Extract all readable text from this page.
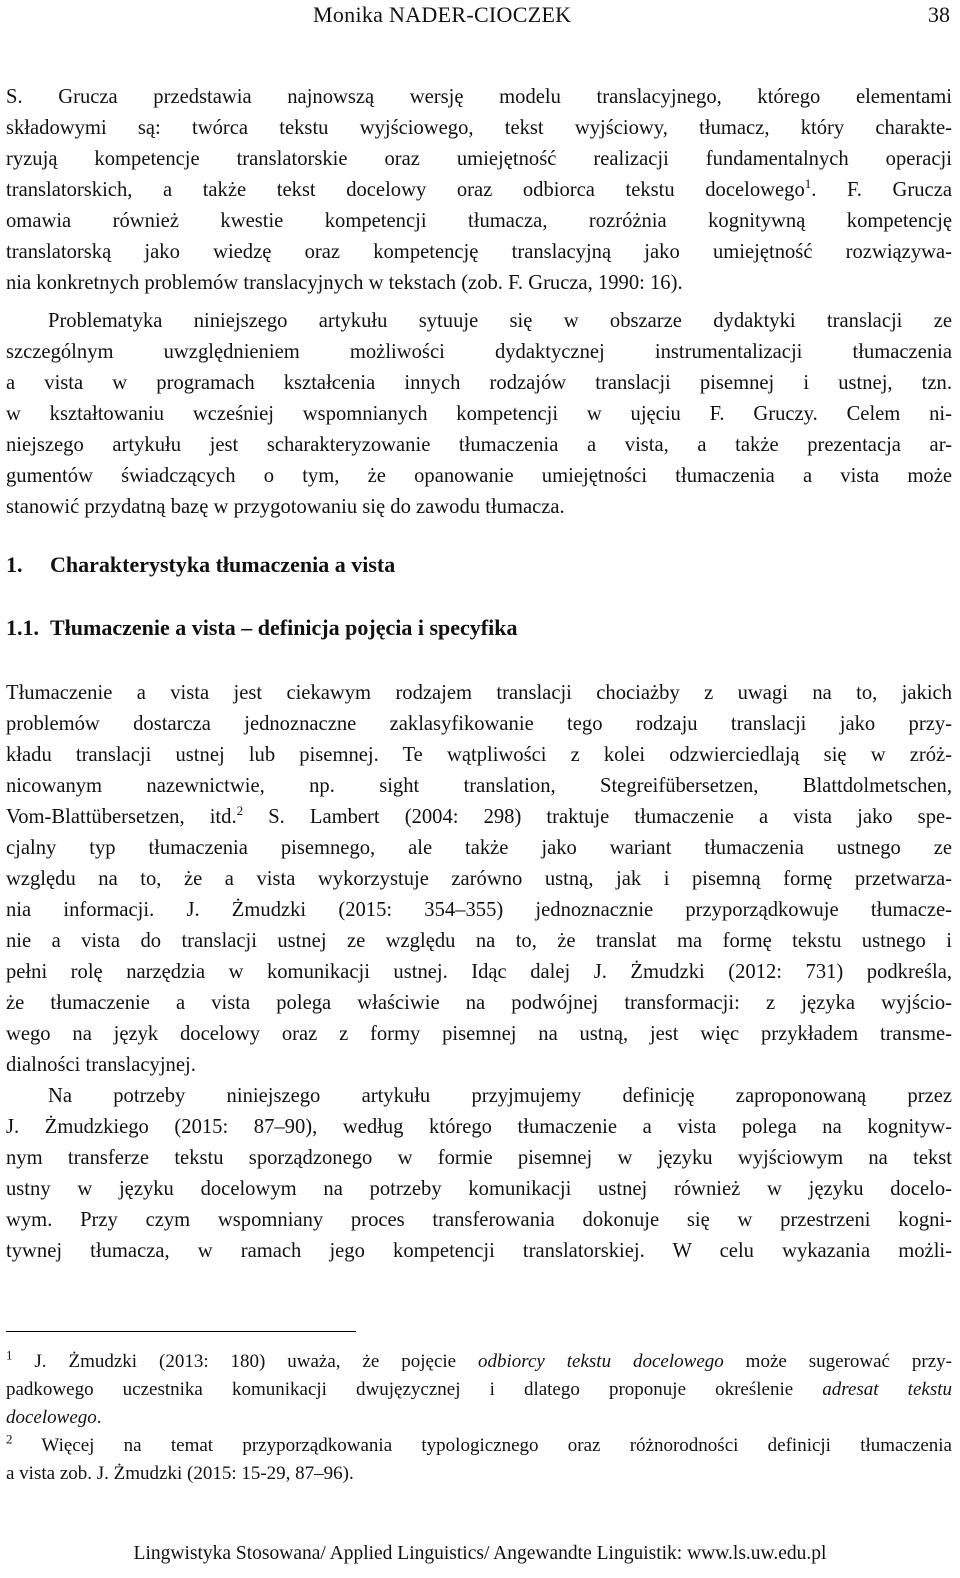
Monika NADER-CIOCZEK	38
S. Grucza przedstawia najnowszą wersję modelu translacyjnego, którego elementami
składowymi są: twórca tekstu wyjściowego, tekst wyjściowy, tłumacz, który charakte-
ryzują kompetencje translatorskie oraz umiejętność realizacji fundamentalnych operacji
translatorskich, a także tekst docelowy oraz odbiorca tekstu docelowego$^1$. F. Grucza
omawia również kwestie kompetencji tłumacza, rozróżnia kognitywną kompetencję
translatorską jako wiedzę oraz kompetencję translacyjną jako umiejętność rozwiązywa-
nia konkretnych problemów translacyjnych w tekstach (zob. F. Grucza, 1990: 16).
Problematyka niniejszego artykułu sytuuje się w obszarze dydaktyki translacji ze
szczególnym uwzględnieniem możliwości dydaktycznej instrumentalizacji tłumaczenia
a vista w programach kształcenia innych rodzajów translacji pisemnej i ustnej, tzn.
w kształtowaniu wcześniej wspomnianych kompetencji w ujęciu F. Gruczy. Celem ni-
niejszego artykułu jest scharakteryzowanie tłumaczenia a vista, a także prezentacja ar-
gumentów świadczących o tym, że opanowanie umiejętności tłumaczenia a vista może
stanowić przydatną bazę w przygotowaniu się do zawodu tłumacza.
1. Charakterystyka tłumaczenia a vista
1.1. Tłumaczenie a vista – definicja pojęcia i specyfika
Tłumaczenie a vista jest ciekawym rodzajem translacji chociażby z uwagi na to, jakich
problemów dostarcza jednoznaczne zaklasyfikowanie tego rodzaju translacji jako przy-
kładu translacji ustnej lub pisemnej. Te wątpliwości z kolei odzwierciedlają się w zróż-
nicowanym nazewnictwie, np. sight translation, Stegreifübersetzen, Blattdolmetschen,
Vom-Blattübersetzen, itd.$^2$ S. Lambert (2004: 298) traktuje tłumaczenie a vista jako spe-
cjalny typ tłumaczenia pisemnego, ale także jako wariant tłumaczenia ustnego ze
względu na to, że a vista wykorzystuje zarówno ustną, jak i pisemną formę przetwarza-
nia informacji. J. Żmudzki (2015: 354–355) jednoznacznie przyporządkowuje tłumacze-
nie a vista do translacji ustnej ze względu na to, że translat ma formę tekstu ustnego i
pełni rolę narzędzia w komunikacji ustnej. Idąc dalej J. Żmudzki (2012: 731) podkreśla,
że tłumaczenie a vista polega właściwie na podwójnej transformacji: z języka wyjścio-
wego na język docelowy oraz z formy pisemnej na ustną, jest więc przykładem transme-
dialności translacyjnej.
Na potrzeby niniejszego artykułu przyjmujemy definicję zaproponowaną przez
J. Żmudzkiego (2015: 87–90), według którego tłumaczenie a vista polega na kognityw-
nym transferze tekstu sporządzonego w formie pisemnej w języku wyjściowym na tekst
ustny w języku docelowym na potrzeby komunikacji ustnej również w języku docelo-
wym. Przy czym wspomniany proces transferowania dokonuje się w przestrzeni kogni-
tywnej tłumacza, w ramach jego kompetencji translatorskiej. W celu wykazania możli-
$^1$ J. Żmudzki (2013: 180) uważa, że pojęcie odbiorcy tekstu docelowego może sugerować przy-
padkowego uczestnika komunikacji dwujęzycznej i dlatego proponuje określenie adresat tekstu
docelowego.
$^2$ Więcej na temat przyporządkowania typologicznego oraz różnorodności definicji tłumaczenia
a vista zob. J. Żmudzki (2015: 15-29, 87–96).
Lingwistyka Stosowana/ Applied Linguistics/ Angewandte Linguistik: www.ls.uw.edu.pl
